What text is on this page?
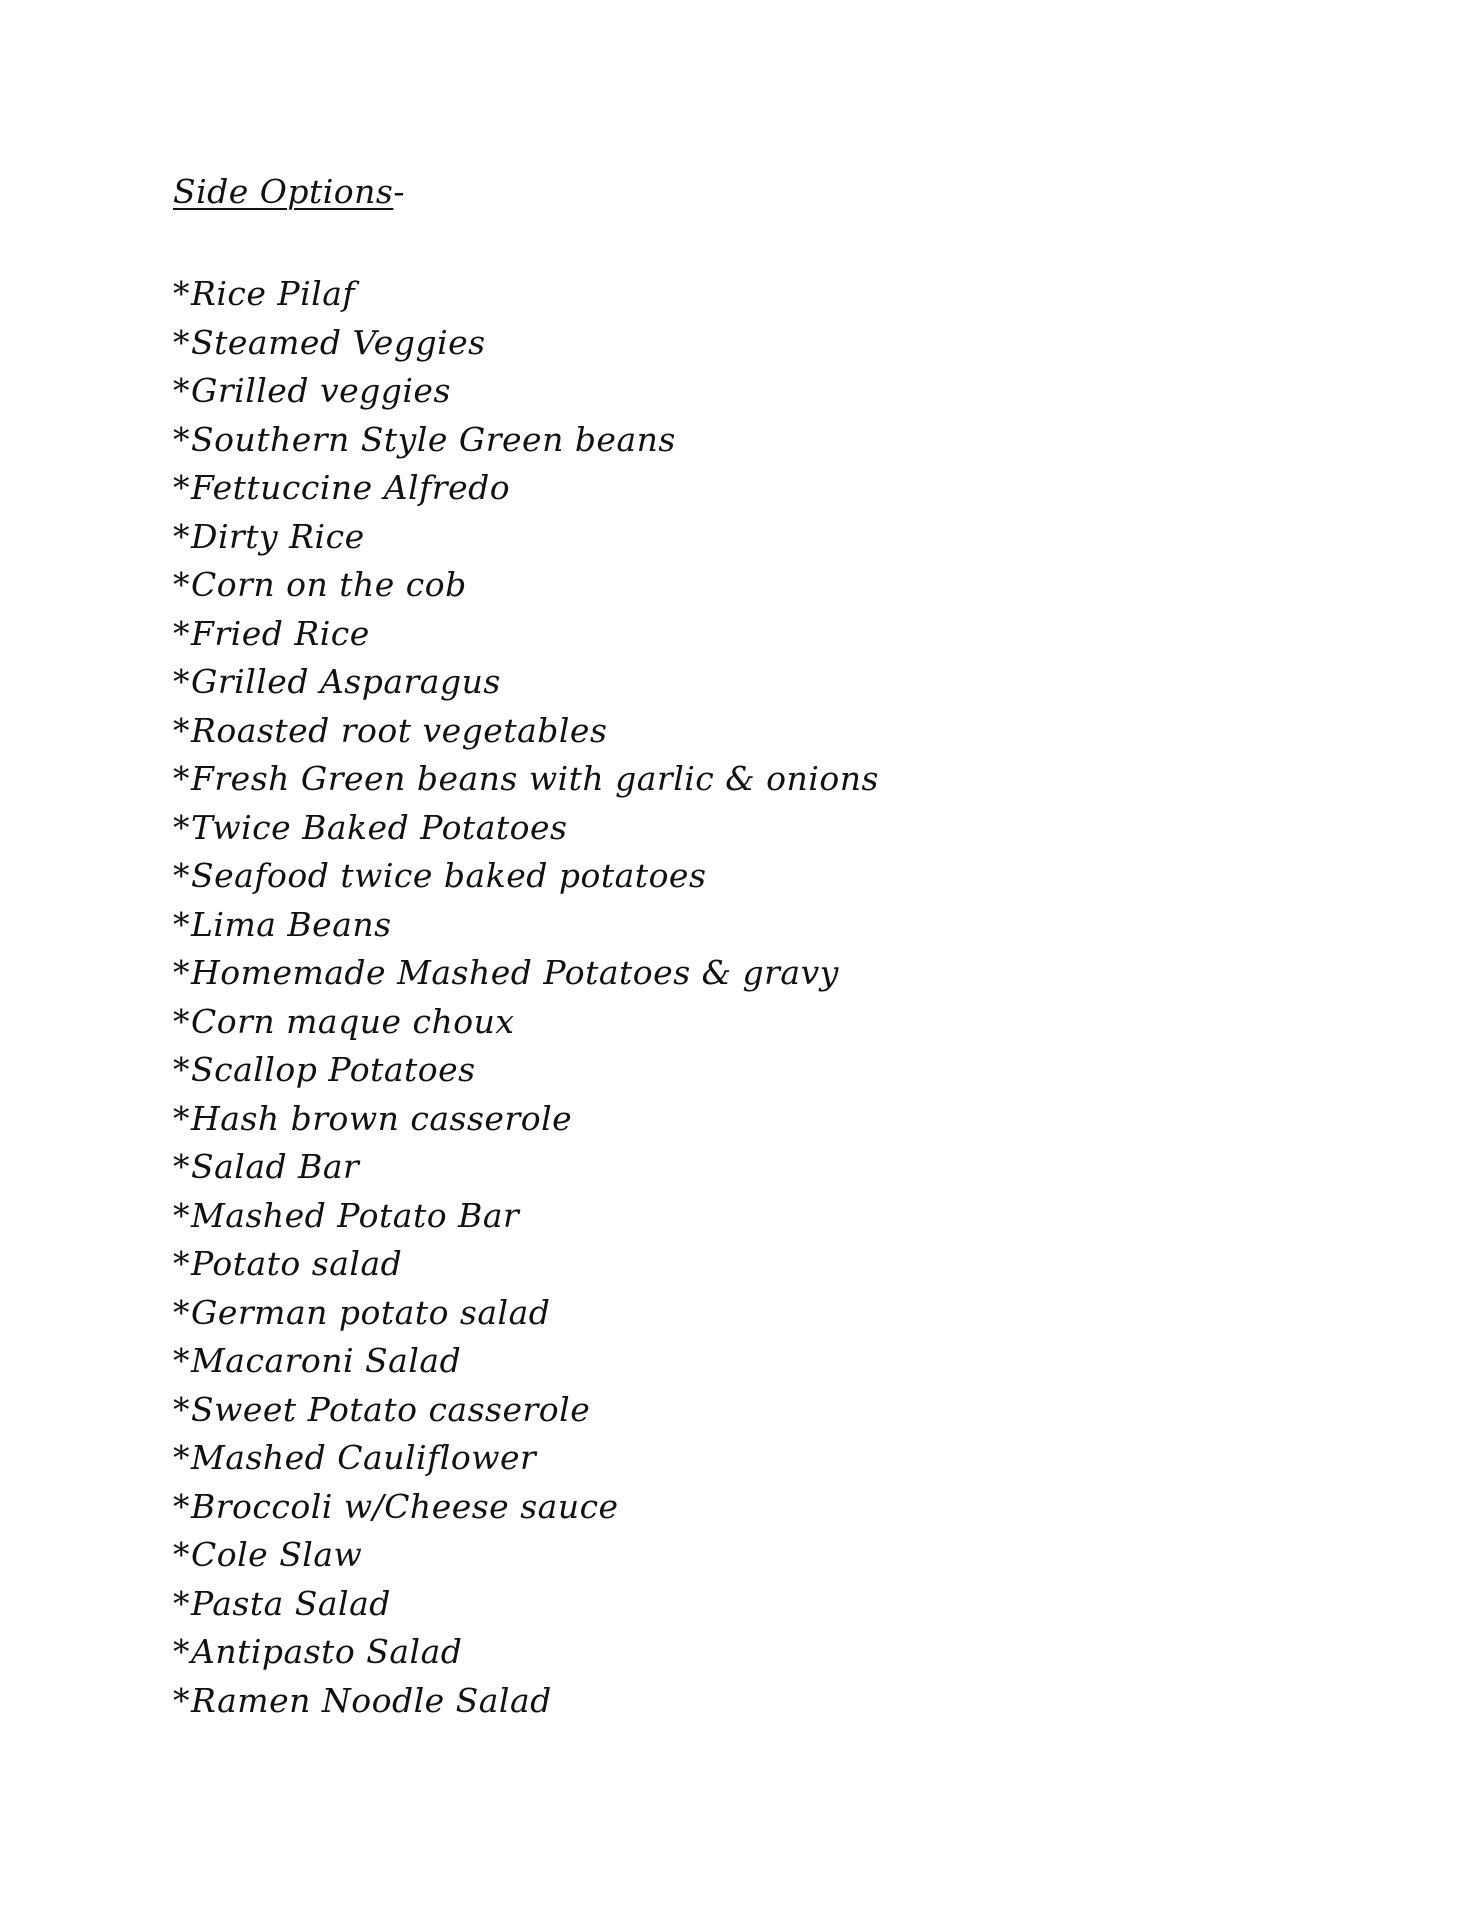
Side Options-
*Rice Pilaf
*Steamed Veggies
*Grilled veggies
*Southern Style Green beans
*Fettuccine Alfredo
*Dirty Rice
*Corn on the cob
*Fried Rice
*Grilled Asparagus
*Roasted root vegetables
*Fresh Green beans with garlic & onions
*Twice Baked Potatoes
*Seafood twice baked potatoes
*Lima Beans
*Homemade Mashed Potatoes & gravy
*Corn maque choux
*Scallop Potatoes
*Hash brown casserole
*Salad Bar
*Mashed Potato Bar
*Potato salad
*German potato salad
*Macaroni Salad
*Sweet Potato casserole
*Mashed Cauliflower
*Broccoli w/Cheese sauce
*Cole Slaw
*Pasta Salad
*Antipasto Salad
*Ramen Noodle Salad
